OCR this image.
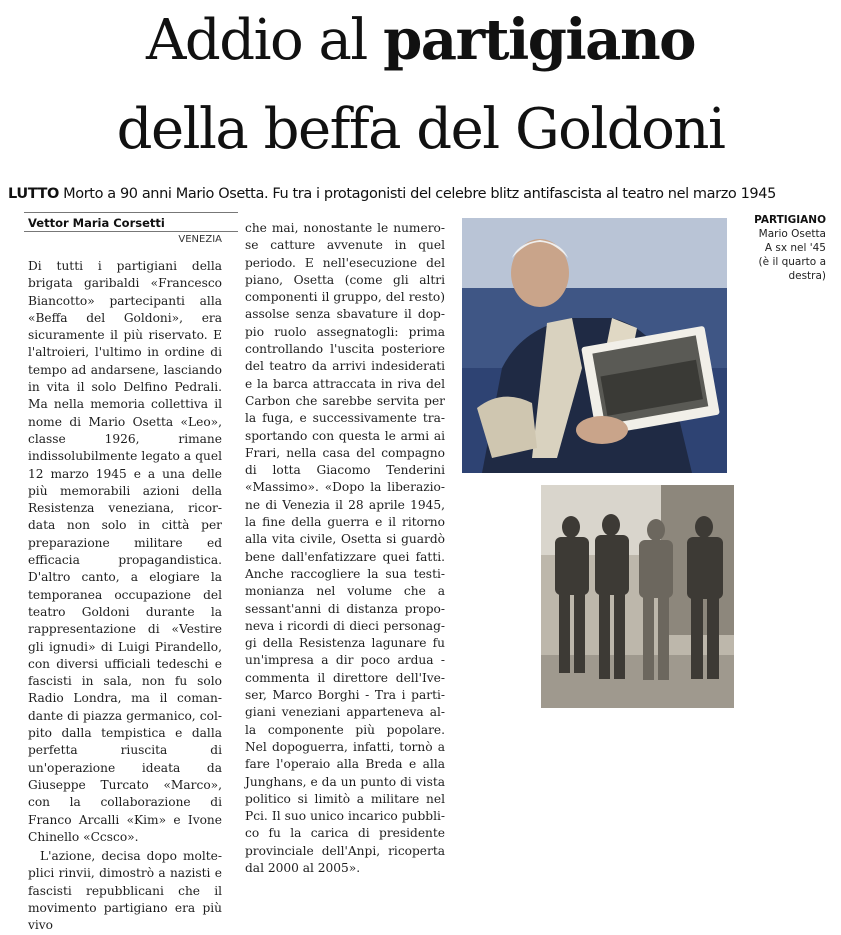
Addio al partigiano
della beffa del Goldoni
LUTTO Morto a 90 anni Mario Osetta. Fu tra i protagonisti del celebre blitz antifascista al teatro nel marzo 1945
Vettor Maria Corsetti
VENEZIA

Di tutti i partigiani della brigata garibaldi «Francesco Biancotto» partecipanti alla «Beffa del Goldoni», era sicuramente il più riservato. E l'altroieri, l'ultimo in ordine di tempo ad andarsene, lasciando in vita il solo Delfino Pedrali. Ma nella memoria collettiva il nome di Mario Osetta «Leo», classe 1926, rimane indissolubilmente legato a quel 12 marzo 1945 e a una delle più memorabili azioni della Resistenza veneziana, ricordata non solo in città per preparazione militare ed efficacia propagandistica. D'altro canto, a elogiare la temporanea occupazione del teatro Goldoni durante la rappresentazione di «Vestire gli ignudi» di Luigi Pirandello, con diversi ufficiali tedeschi e fascisti in sala, non fu solo Radio Londra, ma il comandante di piazza germanico, colpito dalla tempistica e dalla perfetta riuscita di un'operazione ideata da Giuseppe Turcato «Marco», con la collaborazione di Franco Arcalli «Kim» e Ivone Chinello «Ccsco».

L'azione, decisa dopo molteplici rinvii, dimostrò a nazisti e fascisti repubblicani che il movimento partigiano era più vivo

che mai, nonostante le numerose catture avvenute in quel periodo. E nell'esecuzione del piano, Osetta (come gli altri componenti il gruppo, del resto) assolse senza sbavature il doppio ruolo assegnatogli: prima controllando l'uscita posteriore del teatro da arrivi indesiderati e la barca attraccata in riva del Carbon che sarebbe servita per la fuga, e successivamente trasportando con questa le armi ai Frari, nella casa del compagno di lotta Giacomo Tenderini «Massimo». «Dopo la liberazione di Venezia il 28 aprile 1945, la fine della guerra e il ritorno alla vita civile, Osetta si guardò bene dall'enfatizzare quei fatti. Anche raccogliere la sua testimonianza nel volume che a sessant'anni di distanza proponeva i ricordi di dieci personaggi della Resistenza lagunare fu un'impresa a dir poco ardua - commenta il direttore dell'Iveser, Marco Borghi - Tra i partigiani veneziani apparteneva alla componente più popolare. Nel dopoguerra, infatti, tornò a fare l'operaio alla Breda e alla Junghans, e da un punto di vista politico si limitò a militare nel Pci. Il suo unico incarico pubblico fu la carica di presidente provinciale dell'Anpi, ricoperta dal 2000 al 2005».

PARTIGIANO
Mario Osetta
A sx nel '45
(è il quarto a
destra)
